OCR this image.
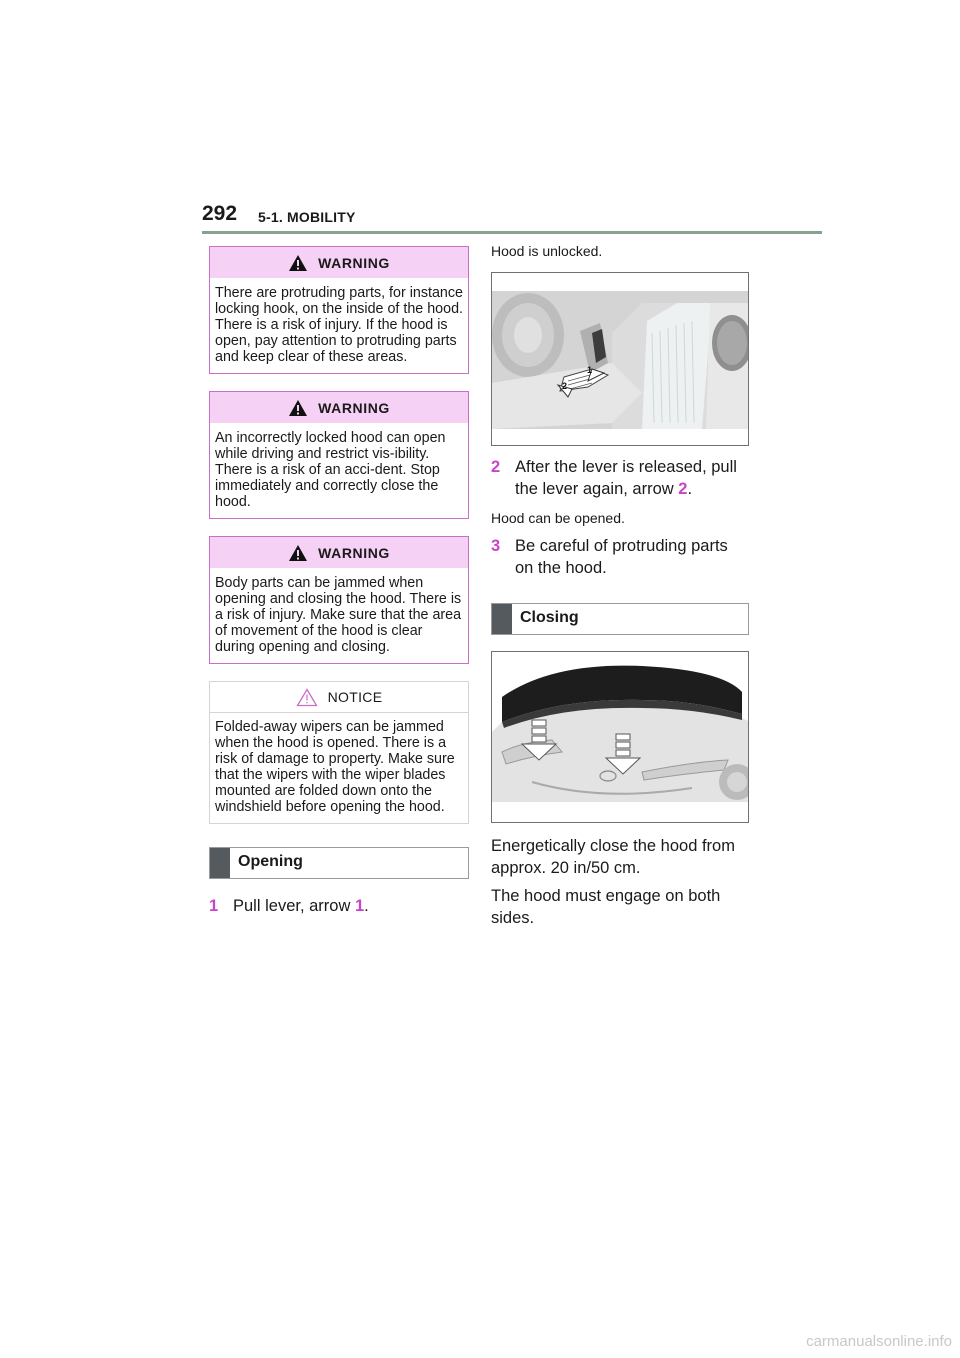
292 5-1. MOBILITY
WARNING
There are protruding parts, for instance locking hook, on the inside of the hood. There is a risk of injury. If the hood is open, pay attention to protruding parts and keep clear of these areas.
WARNING
An incorrectly locked hood can open while driving and restrict vis-ibility. There is a risk of an acci-dent. Stop immediately and correctly close the hood.
WARNING
Body parts can be jammed when opening and closing the hood. There is a risk of injury. Make sure that the area of movement of the hood is clear during opening and closing.
NOTICE
Folded-away wipers can be jammed when the hood is opened. There is a risk of damage to property. Make sure that the wipers with the wiper blades mounted are folded down onto the windshield before opening the hood.
Opening
1 Pull lever, arrow 1.
Hood is unlocked.
1
2
2 After the lever is released, pull the lever again, arrow 2.
Hood can be opened.
3 Be careful of protruding parts on the hood.
Closing
Energetically close the hood from approx. 20 in/50 cm.
The hood must engage on both sides.
carmanualsonline.info
